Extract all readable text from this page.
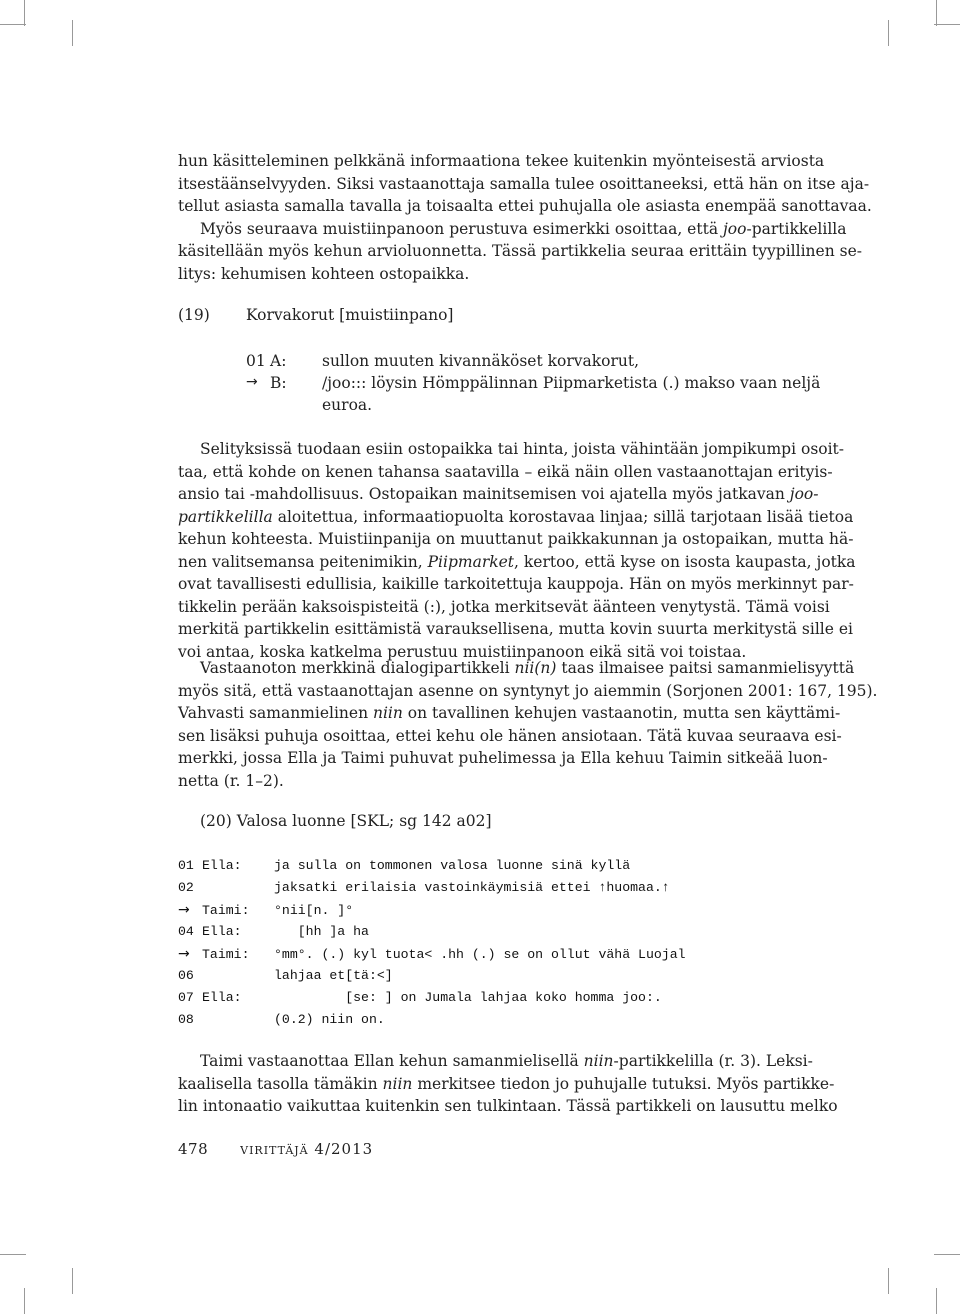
hun käsitteleminen pelkkänä informaationa tekee kuitenkin myönteisestä arviosta
itsestäänselvyyden. Siksi vastaanottaja samalla tulee osoittaneeksi, että hän on itse aja-
tellut asiasta samalla tavalla ja toisaalta ettei puhujalla ole asiasta enempää sanottavaa.
Myös seuraava muistiinpanoon perustuva esimerkki osoittaa, että joo-partikkelilla
käsitellään myös kehun arvioluonnetta. Tässä partikkelia seuraa erittäin tyypillinen se-
litys: kehumisen kohteen ostopaikka.
(19) Korvakorut [muistiinpano]
01 A: sullon muuten kivannäköset korvakorut,
→ B: /joo::: löysin Hömppälinnan Piipmarketista (.) makso vaan neljä
euroa.
Selityksissä tuodaan esiin ostopaikka tai hinta, joista vähintään jompikumpi osoit-
taa, että kohde on kenen tahansa saatavilla – eikä näin ollen vastaanottajan erityis-
ansio tai -mahdollisuus. Ostopaikan mainitsemisen voi ajatella myös jatkavan joo-
partikkelilla aloitettua, informaatiopuolta korostavaa linjaa; sillä tarjotaan lisää tietoa
kehun kohteesta. Muistiinpanija on muuttanut paikkakunnan ja ostopaikan, mutta hä-
nen valitsemansa peitenimikin, Piipmarket, kertoo, että kyse on isosta kaupasta, jotka
ovat tavallisesti edullisia, kaikille tarkoitettuja kauppoja. Hän on myös merkinnyt par-
tikkelin perään kaksoispisteitä (:), jotka merkitsevät äänteen venytystä. Tämä voisi
merkitä partikkelin esittämistä varauksellisena, mutta kovin suurta merkitystä sille ei
voi antaa, koska katkelma perustuu muistiinpanoon eikä sitä voi toistaa.
Vastaanoton merkkinä dialogipartikkeli nii(n) taas ilmaisee paitsi samanmielisyyttä
myös sitä, että vastaanottajan asenne on syntynyt jo aiemmin (Sorjonen 2001: 167, 195).
Vahvasti samanmielinen niin on tavallinen kehujen vastaanotin, mutta sen käyttämi-
sen lisäksi puhuja osoittaa, ettei kehu ole hänen ansiotaan. Tätä kuvaa seuraava esi-
merkki, jossa Ella ja Taimi puhuvat puhelimessa ja Ella kehuu Taimin sitkeää luon-
netta (r. 1–2).
(20) Valosa luonne [SKL; sg 142 a02]
01 Ella: ja sulla on tommonen valosa luonne sinä kyllä
02	jaksatki erilaisia vastoinkäymisiä ettei ↑huomaa.↑
→ Taimi: °nii[n. ]°
04 Ella:   [hh ]a ha
→ Taimi: °mm°. (.) kyl tuota< .hh (.) se on ollut vähä Luojal
06	lahjaa et[tä:<]
07 Ella:         [se: ] on Jumala lahjaa koko homma joo:.
08	(0.2) niin on.
Taimi vastaanottaa Ellan kehun samanmielisellä niin-partikkelilla (r. 3). Leksi-
kaalisella tasolla tämäkin niin merkitsee tiedon jo puhujalle tutuksi. Myös partikke-
lin intonaatio vaikuttaa kuitenkin sen tulkintaan. Tässä partikkeli on lausuttu melko
478 virittäjä 4/2013
